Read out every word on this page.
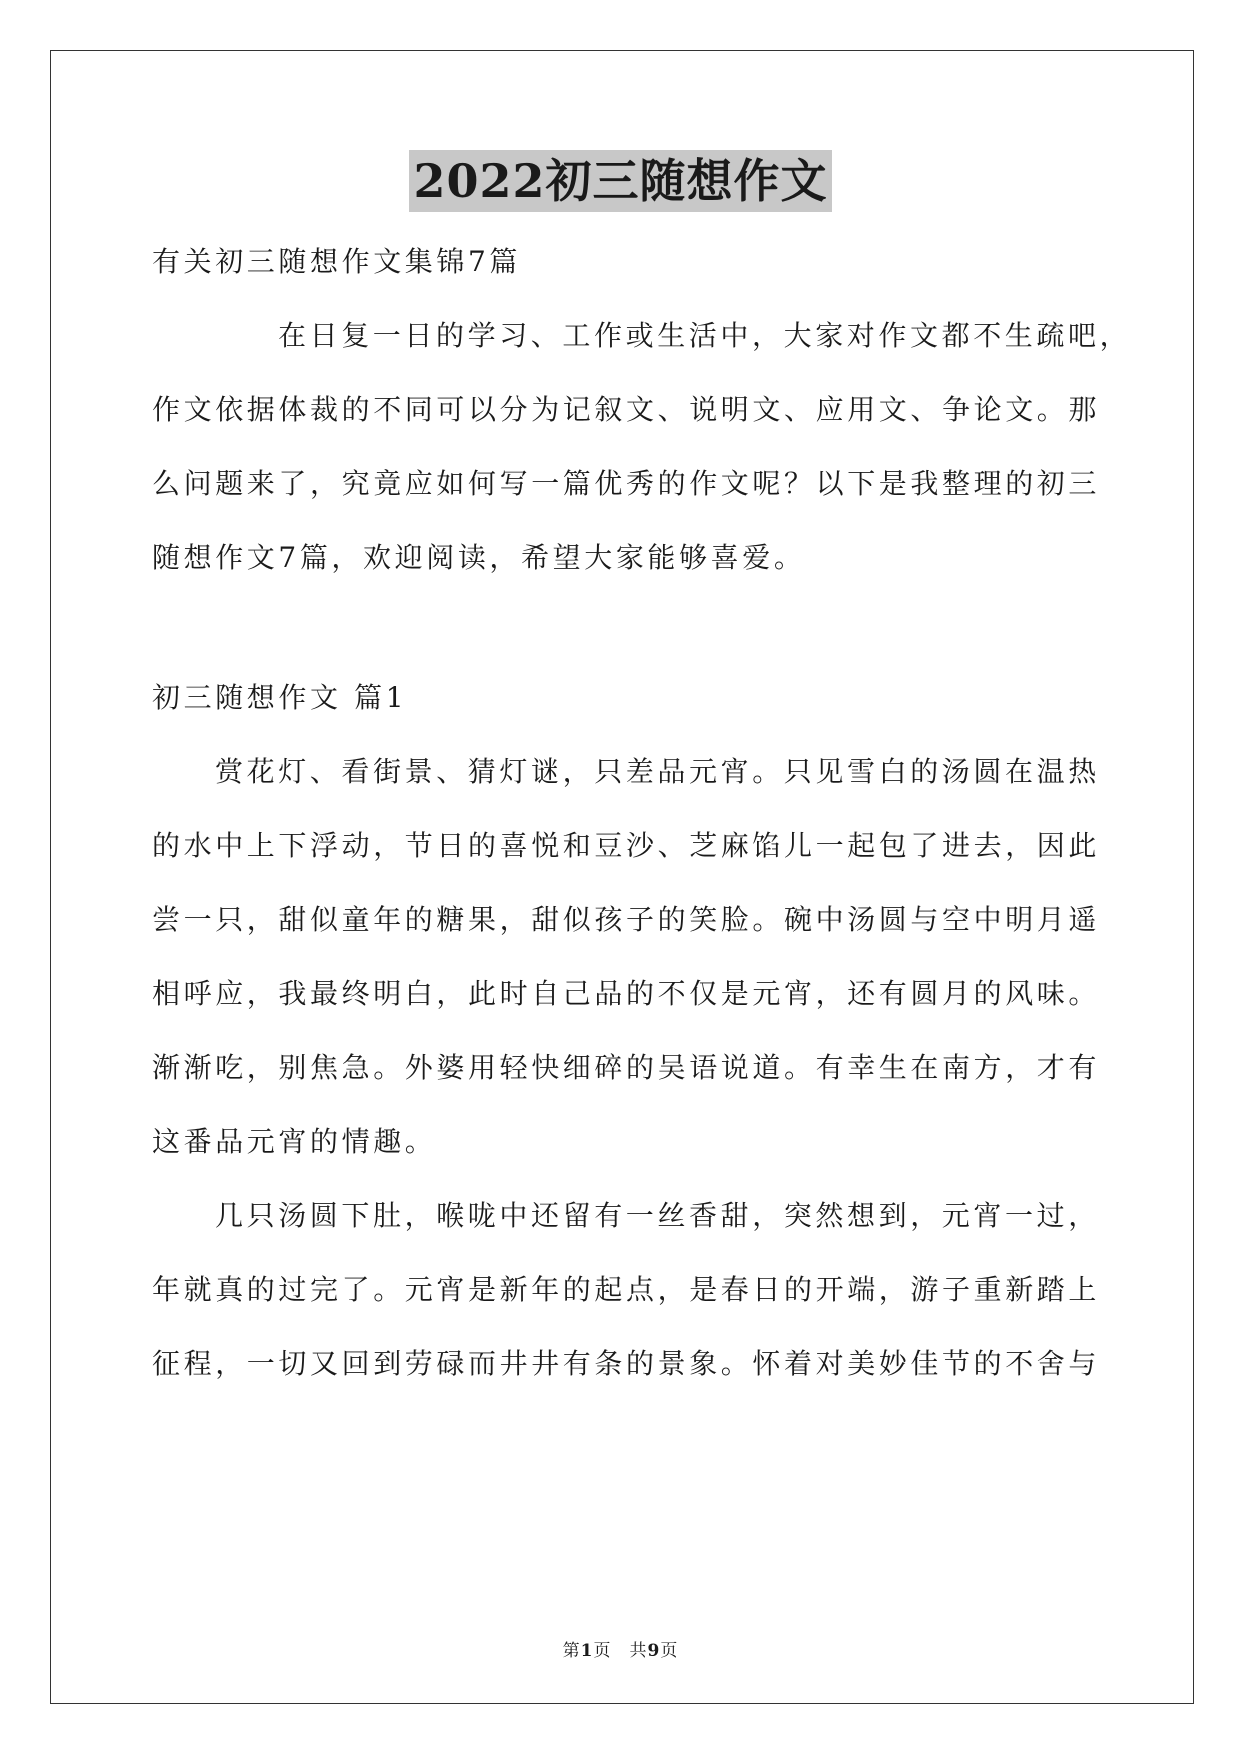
2022初三随想作文
有关初三随想作文集锦7篇
在日复一日的学习、工作或生活中，大家对作文都不生疏吧，
作文依据体裁的不同可以分为记叙文、说明文、应用文、争论文。那
么问题来了，究竟应如何写一篇优秀的作文呢？以下是我整理的初三
随想作文7篇，欢迎阅读，希望大家能够喜爱。
初三随想作文 篇1
赏花灯、看街景、猜灯谜，只差品元宵。只见雪白的汤圆在温热
的水中上下浮动，节日的喜悦和豆沙、芝麻馅儿一起包了进去，因此
尝一只，甜似童年的糖果，甜似孩子的笑脸。碗中汤圆与空中明月遥
相呼应，我最终明白，此时自己品的不仅是元宵，还有圆月的风味。
渐渐吃，别焦急。外婆用轻快细碎的吴语说道。有幸生在南方，才有
这番品元宵的情趣。
几只汤圆下肚，喉咙中还留有一丝香甜，突然想到，元宵一过，
年就真的过完了。元宵是新年的起点，是春日的开端，游子重新踏上
征程，一切又回到劳碌而井井有条的景象。怀着对美妙佳节的不舍与
第1页　共9页
